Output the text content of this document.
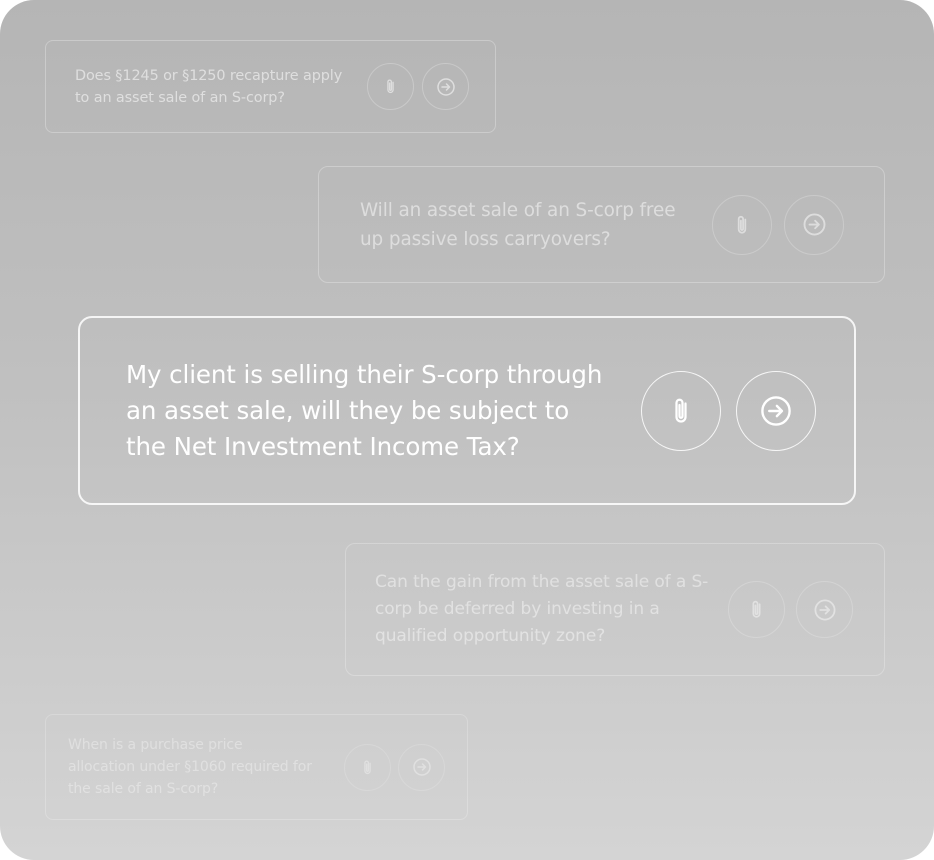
Does §1245 or §1250 recapture apply to an asset sale of an S-corp?
Will an asset sale of an S-corp free up passive loss carryovers?
My client is selling their S-corp through an asset sale, will they be subject to the Net Investment Income Tax?
Can the gain from the asset sale of a S-corp be deferred by investing in a qualified opportunity zone?
When is a purchase price allocation under §1060 required for the sale of an S-corp?
